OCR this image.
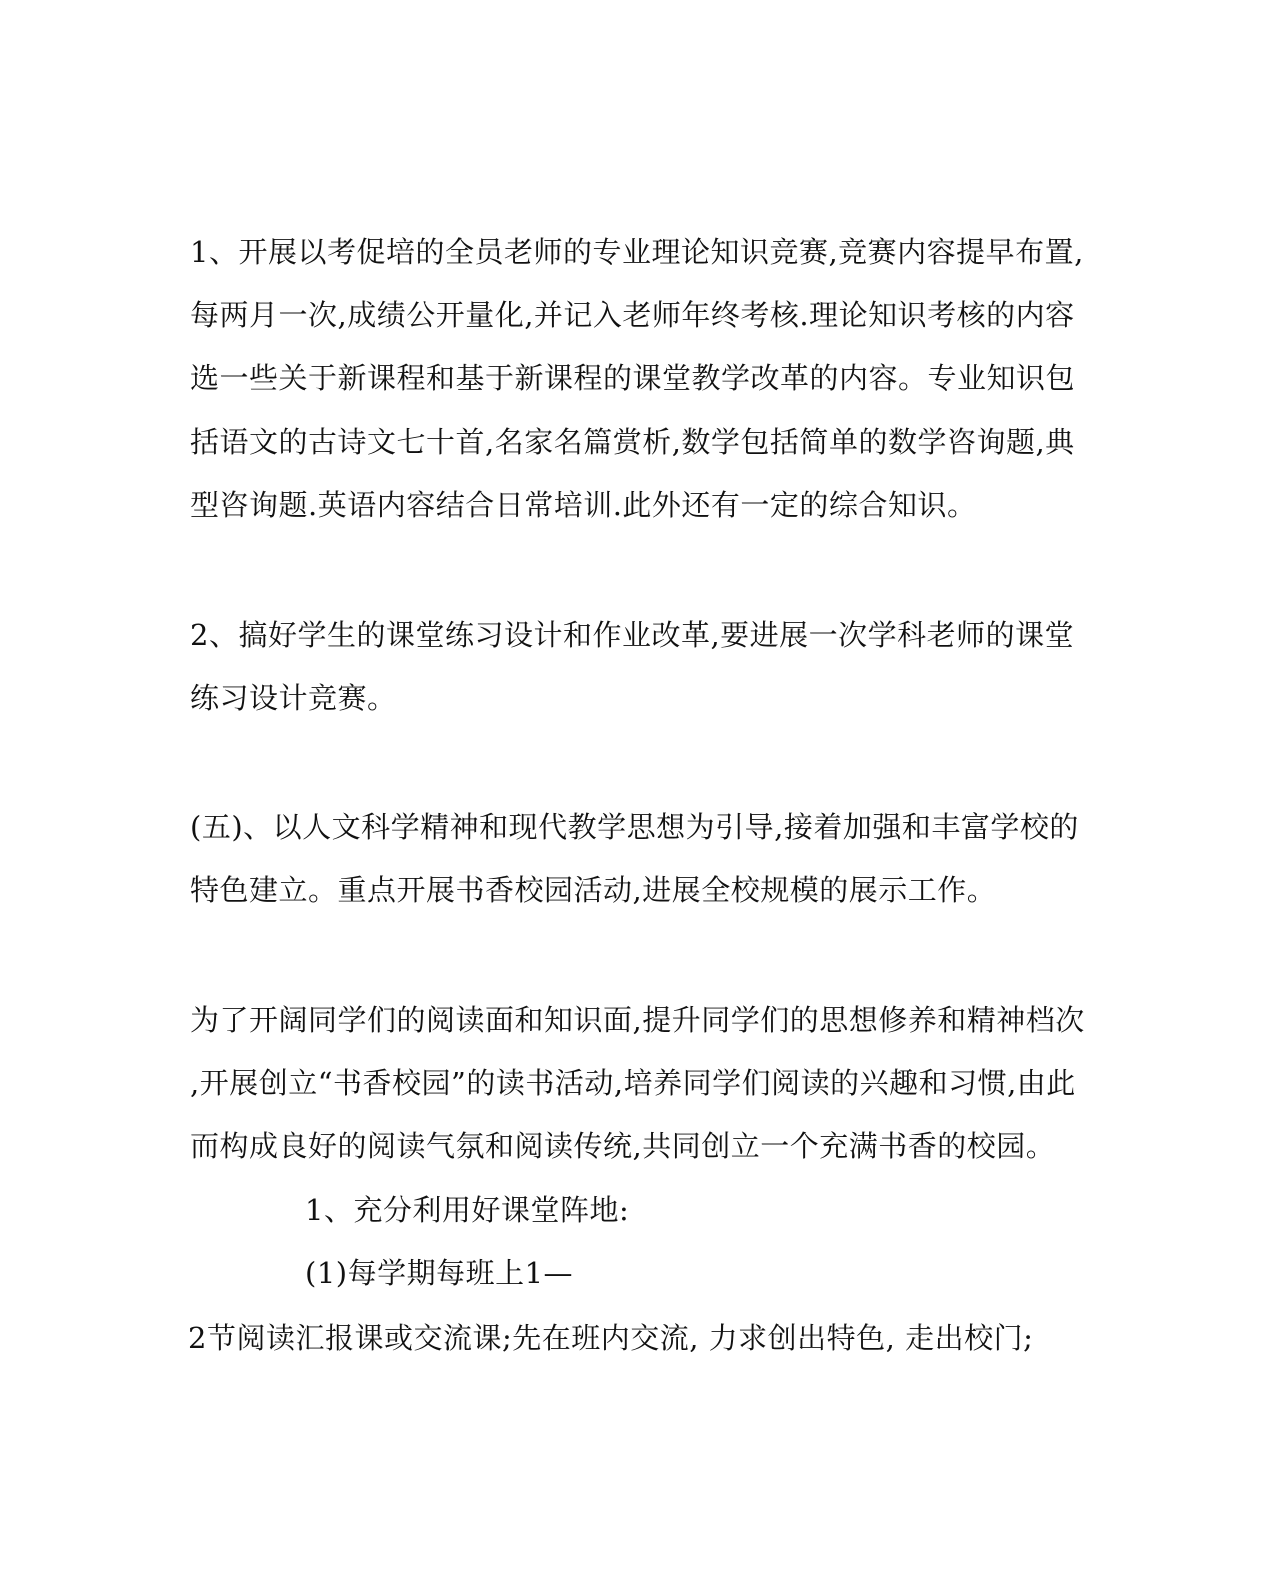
1、开展以考促培的全员老师的专业理论知识竞赛,竞赛内容提早布置,
每两月一次,成绩公开量化,并记入老师年终考核.理论知识考核的内容
选一些关于新课程和基于新课程的课堂教学改革的内容。专业知识包
括语文的古诗文七十首,名家名篇赏析,数学包括简单的数学咨询题,典
型咨询题.英语内容结合日常培训.此外还有一定的综合知识。
2、搞好学生的课堂练习设计和作业改革,要进展一次学科老师的课堂
练习设计竞赛。
(五)、以人文科学精神和现代教学思想为引导,接着加强和丰富学校的
特色建立。重点开展书香校园活动,进展全校规模的展示工作。
为了开阔同学们的阅读面和知识面,提升同学们的思想修养和精神档次
,开展创立“书香校园”的读书活动,培养同学们阅读的兴趣和习惯,由此
而构成良好的阅读气氛和阅读传统,共同创立一个充满书香的校园。
1、充分利用好课堂阵地:
(1)每学期每班上1—
2节阅读汇报课或交流课;先在班内交流, 力求创出特色, 走出校门;
